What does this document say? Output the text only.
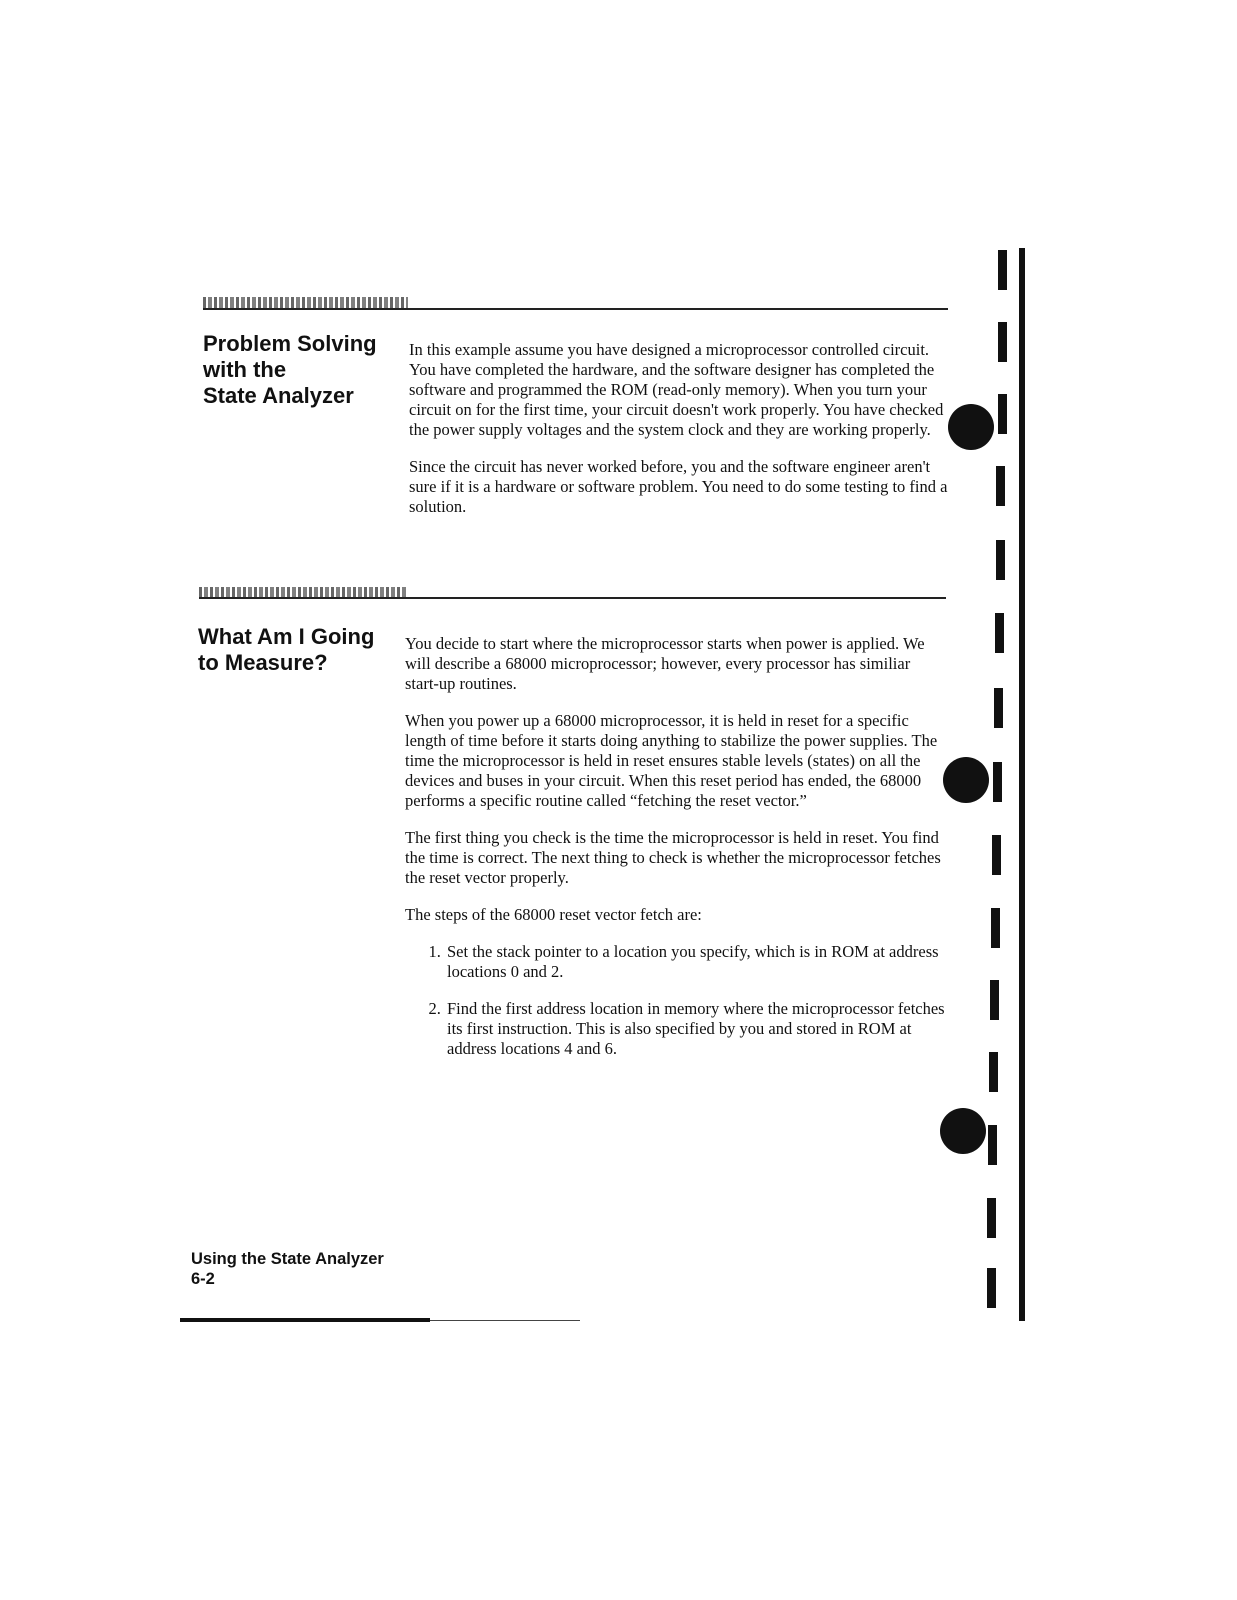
Problem Solving
with the
State Analyzer

In this example assume you have designed a microprocessor controlled circuit. You have completed the hardware, and the software designer has completed the software and programmed the ROM (read-only memory). When you turn your circuit on for the first time, your circuit doesn't work properly. You have checked the power supply voltages and the system clock and they are working properly.

Since the circuit has never worked before, you and the software engineer aren't sure if it is a hardware or software problem. You need to do some testing to find a solution.

What Am I Going
to Measure?

You decide to start where the microprocessor starts when power is applied. We will describe a 68000 microprocessor; however, every processor has similiar start-up routines.

When you power up a 68000 microprocessor, it is held in reset for a specific length of time before it starts doing anything to stabilize the power supplies. The time the microprocessor is held in reset ensures stable levels (states) on all the devices and buses in your circuit. When this reset period has ended, the 68000 performs a specific routine called “fetching the reset vector.”

The first thing you check is the time the microprocessor is held in reset. You find the time is correct. The next thing to check is whether the microprocessor fetches the reset vector properly.

The steps of the 68000 reset vector fetch are:

1. Set the stack pointer to a location you specify, which is in ROM at address locations 0 and 2.
2. Find the first address location in memory where the microprocessor fetches its first instruction. This is also specified by you and stored in ROM at address locations 4 and 6.
Using the State Analyzer
6-2
